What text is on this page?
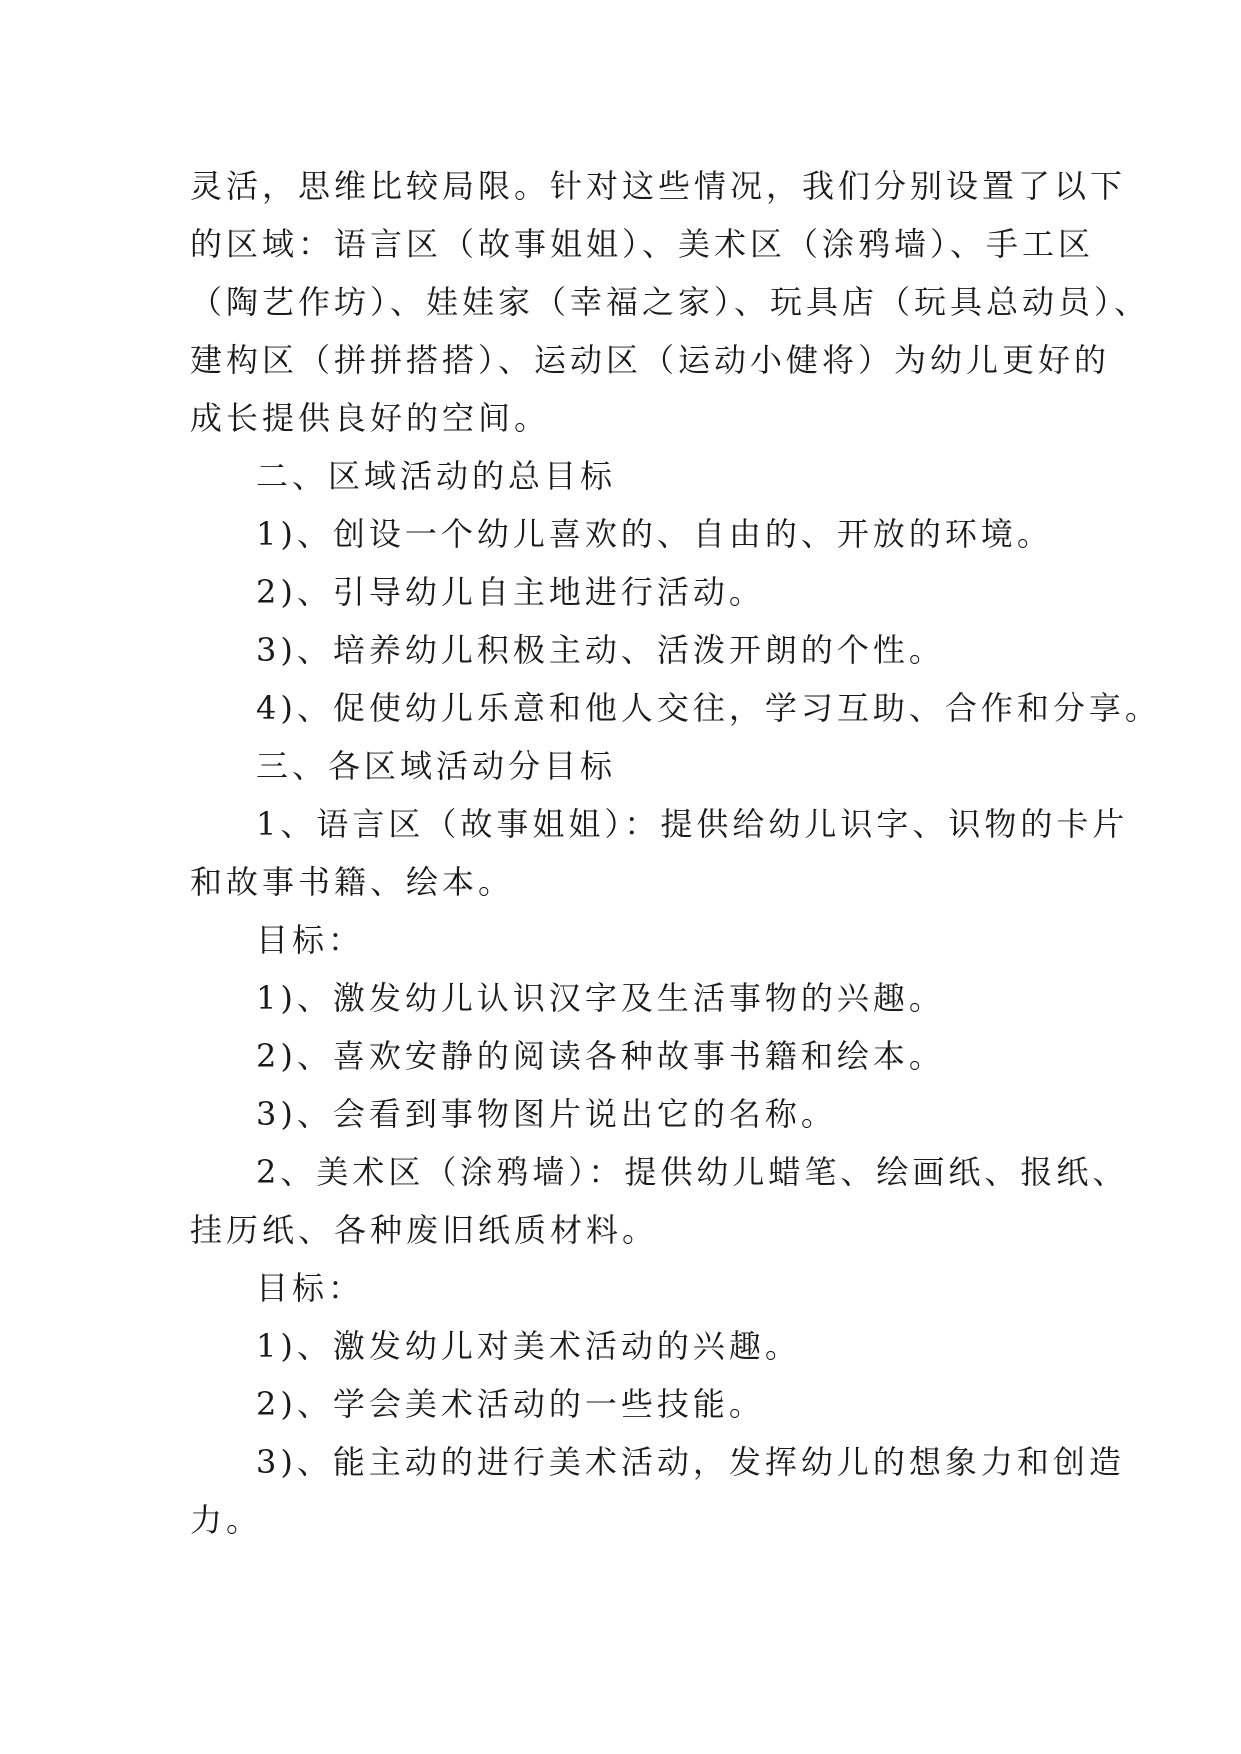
灵活，思维比较局限。针对这些情况，我们分别设置了以下
的区域：语言区（故事姐姐）、美术区（涂鸦墙）、手工区
（陶艺作坊）、娃娃家（幸福之家）、玩具店（玩具总动员）、
建构区（拼拼搭搭）、运动区（运动小健将）为幼儿更好的
成长提供良好的空间。
二、区域活动的总目标
1)、创设一个幼儿喜欢的、自由的、开放的环境。
2)、引导幼儿自主地进行活动。
3)、培养幼儿积极主动、活泼开朗的个性。
4)、促使幼儿乐意和他人交往，学习互助、合作和分享。
三、各区域活动分目标
1、语言区（故事姐姐）：提供给幼儿识字、识物的卡片
和故事书籍、绘本。
目标：
1)、激发幼儿认识汉字及生活事物的兴趣。
2)、喜欢安静的阅读各种故事书籍和绘本。
3)、会看到事物图片说出它的名称。
2、美术区（涂鸦墙）：提供幼儿蜡笔、绘画纸、报纸、
挂历纸、各种废旧纸质材料。
目标：
1)、激发幼儿对美术活动的兴趣。
2)、学会美术活动的一些技能。
3)、能主动的进行美术活动，发挥幼儿的想象力和创造
力。
